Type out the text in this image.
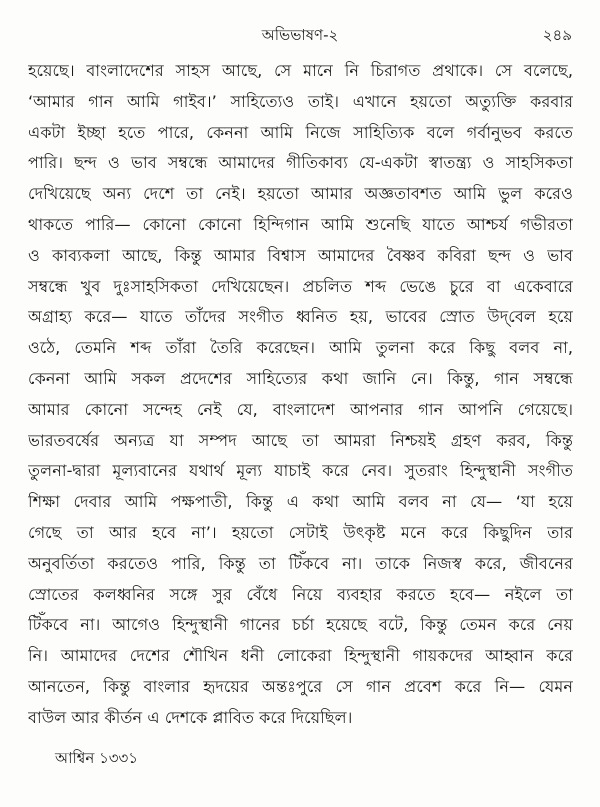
অভিভাষণ-২	২৪৯
হয়েছে। বাংলাদেশের সাহস আছে, সে মানে নি চিরাগত প্রথাকে। সে বলেছে,
‘আমার গান আমি গাইব।’ সাহিত্যেও তাই। এখানে হয়তো অত্যুক্তি করবার
একটা ইচ্ছা হতে পারে, কেননা আমি নিজে সাহিত্যিক বলে গর্বানুভব করতে
পারি। ছন্দ ও ভাব সম্বন্ধে আমাদের গীতিকাব্য যে-একটা স্বাতন্ত্র্য ও সাহসিকতা
দেখিয়েছে অন্য দেশে তা নেই। হয়তো আমার অজ্ঞতাবশত আমি ভুল করেও
থাকতে পারি— কোনো কোনো হিন্দিগান আমি শুনেছি যাতে আশ্চর্য গভীরতা
ও কাব্যকলা আছে, কিন্তু আমার বিশ্বাস আমাদের বৈষ্ণব কবিরা ছন্দ ও ভাব
সম্বন্ধে খুব দুঃসাহসিকতা দেখিয়েছেন। প্রচলিত শব্দ ভেঙে চুরে বা একেবারে
অগ্রাহ্য করে— যাতে তাঁদের সংগীত ধ্বনিত হয়, ভাবের স্রোত উদ্‌বেল হয়ে
ওঠে, তেমনি শব্দ তাঁরা তৈরি করেছেন। আমি তুলনা করে কিছু বলব না,
কেননা আমি সকল প্রদেশের সাহিত্যের কথা জানি নে। কিন্তু, গান সম্বন্ধে
আমার কোনো সন্দেহ নেই যে, বাংলাদেশ আপনার গান আপনি গেয়েছে।
ভারতবর্ষের অন্যত্র যা সম্পদ আছে তা আমরা নিশ্চয়ই গ্রহণ করব, কিন্তু
তুলনা-দ্বারা মূল্যবানের যথার্থ মূল্য যাচাই করে নেব। সুতরাং হিন্দুস্থানী সংগীত
শিক্ষা দেবার আমি পক্ষপাতী, কিন্তু এ কথা আমি বলব না যে— ‘যা হয়ে
গেছে তা আর হবে না’। হয়তো সেটাই উৎকৃষ্ট মনে করে কিছুদিন তার
অনুবর্তিতা করতেও পারি, কিন্তু তা টিঁকবে না। তাকে নিজস্ব করে, জীবনের
স্রোতের কলধ্বনির সঙ্গে সুর বেঁধে নিয়ে ব্যবহার করতে হবে— নইলে তা
টিঁকবে না। আগেও হিন্দুস্থানী গানের চর্চা হয়েছে বটে, কিন্তু তেমন করে নেয়
নি। আমাদের দেশের শৌখিন ধনী লোকেরা হিন্দুস্থানী গায়কদের আহ্বান করে
আনতেন, কিন্তু বাংলার হৃদয়ের অন্তঃপুরে সে গান প্রবেশ করে নি— যেমন
বাউল আর কীর্তন এ দেশকে প্লাবিত করে দিয়েছিল।
আশ্বিন ১৩৩১
